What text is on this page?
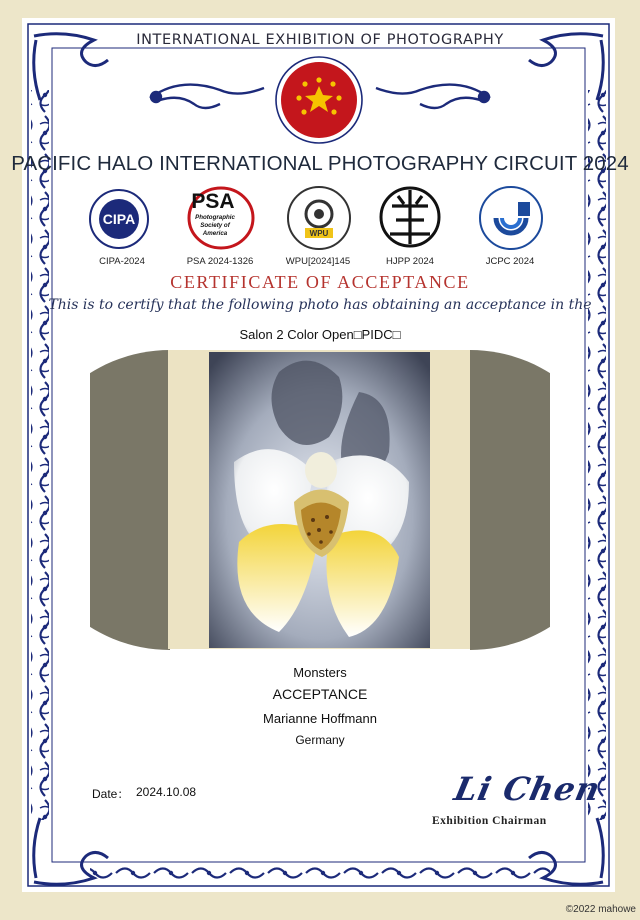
INTERNATIONAL EXHIBITION OF PHOTOGRAPHY
PACIFIC HALO INTERNATIONAL PHOTOGRAPHY CIRCUIT 2024
CIPA
CIPA-2024
PSA
Photographic
Society of
America
PSA 2024-1326
WPU
WPU[2024]145	HJPP 2024	JCPC 2024
CERTIFICATE OF ACCEPTANCE
This is to certify that the following photo has obtaining an acceptance in the
Salon 2 Color Open□PIDC□
Monsters
ACCEPTANCE
Marianne Hoffmann
Germany
Date： 2024.10.08	Li Chen
Exhibition Chairman
©2022 mahowe
